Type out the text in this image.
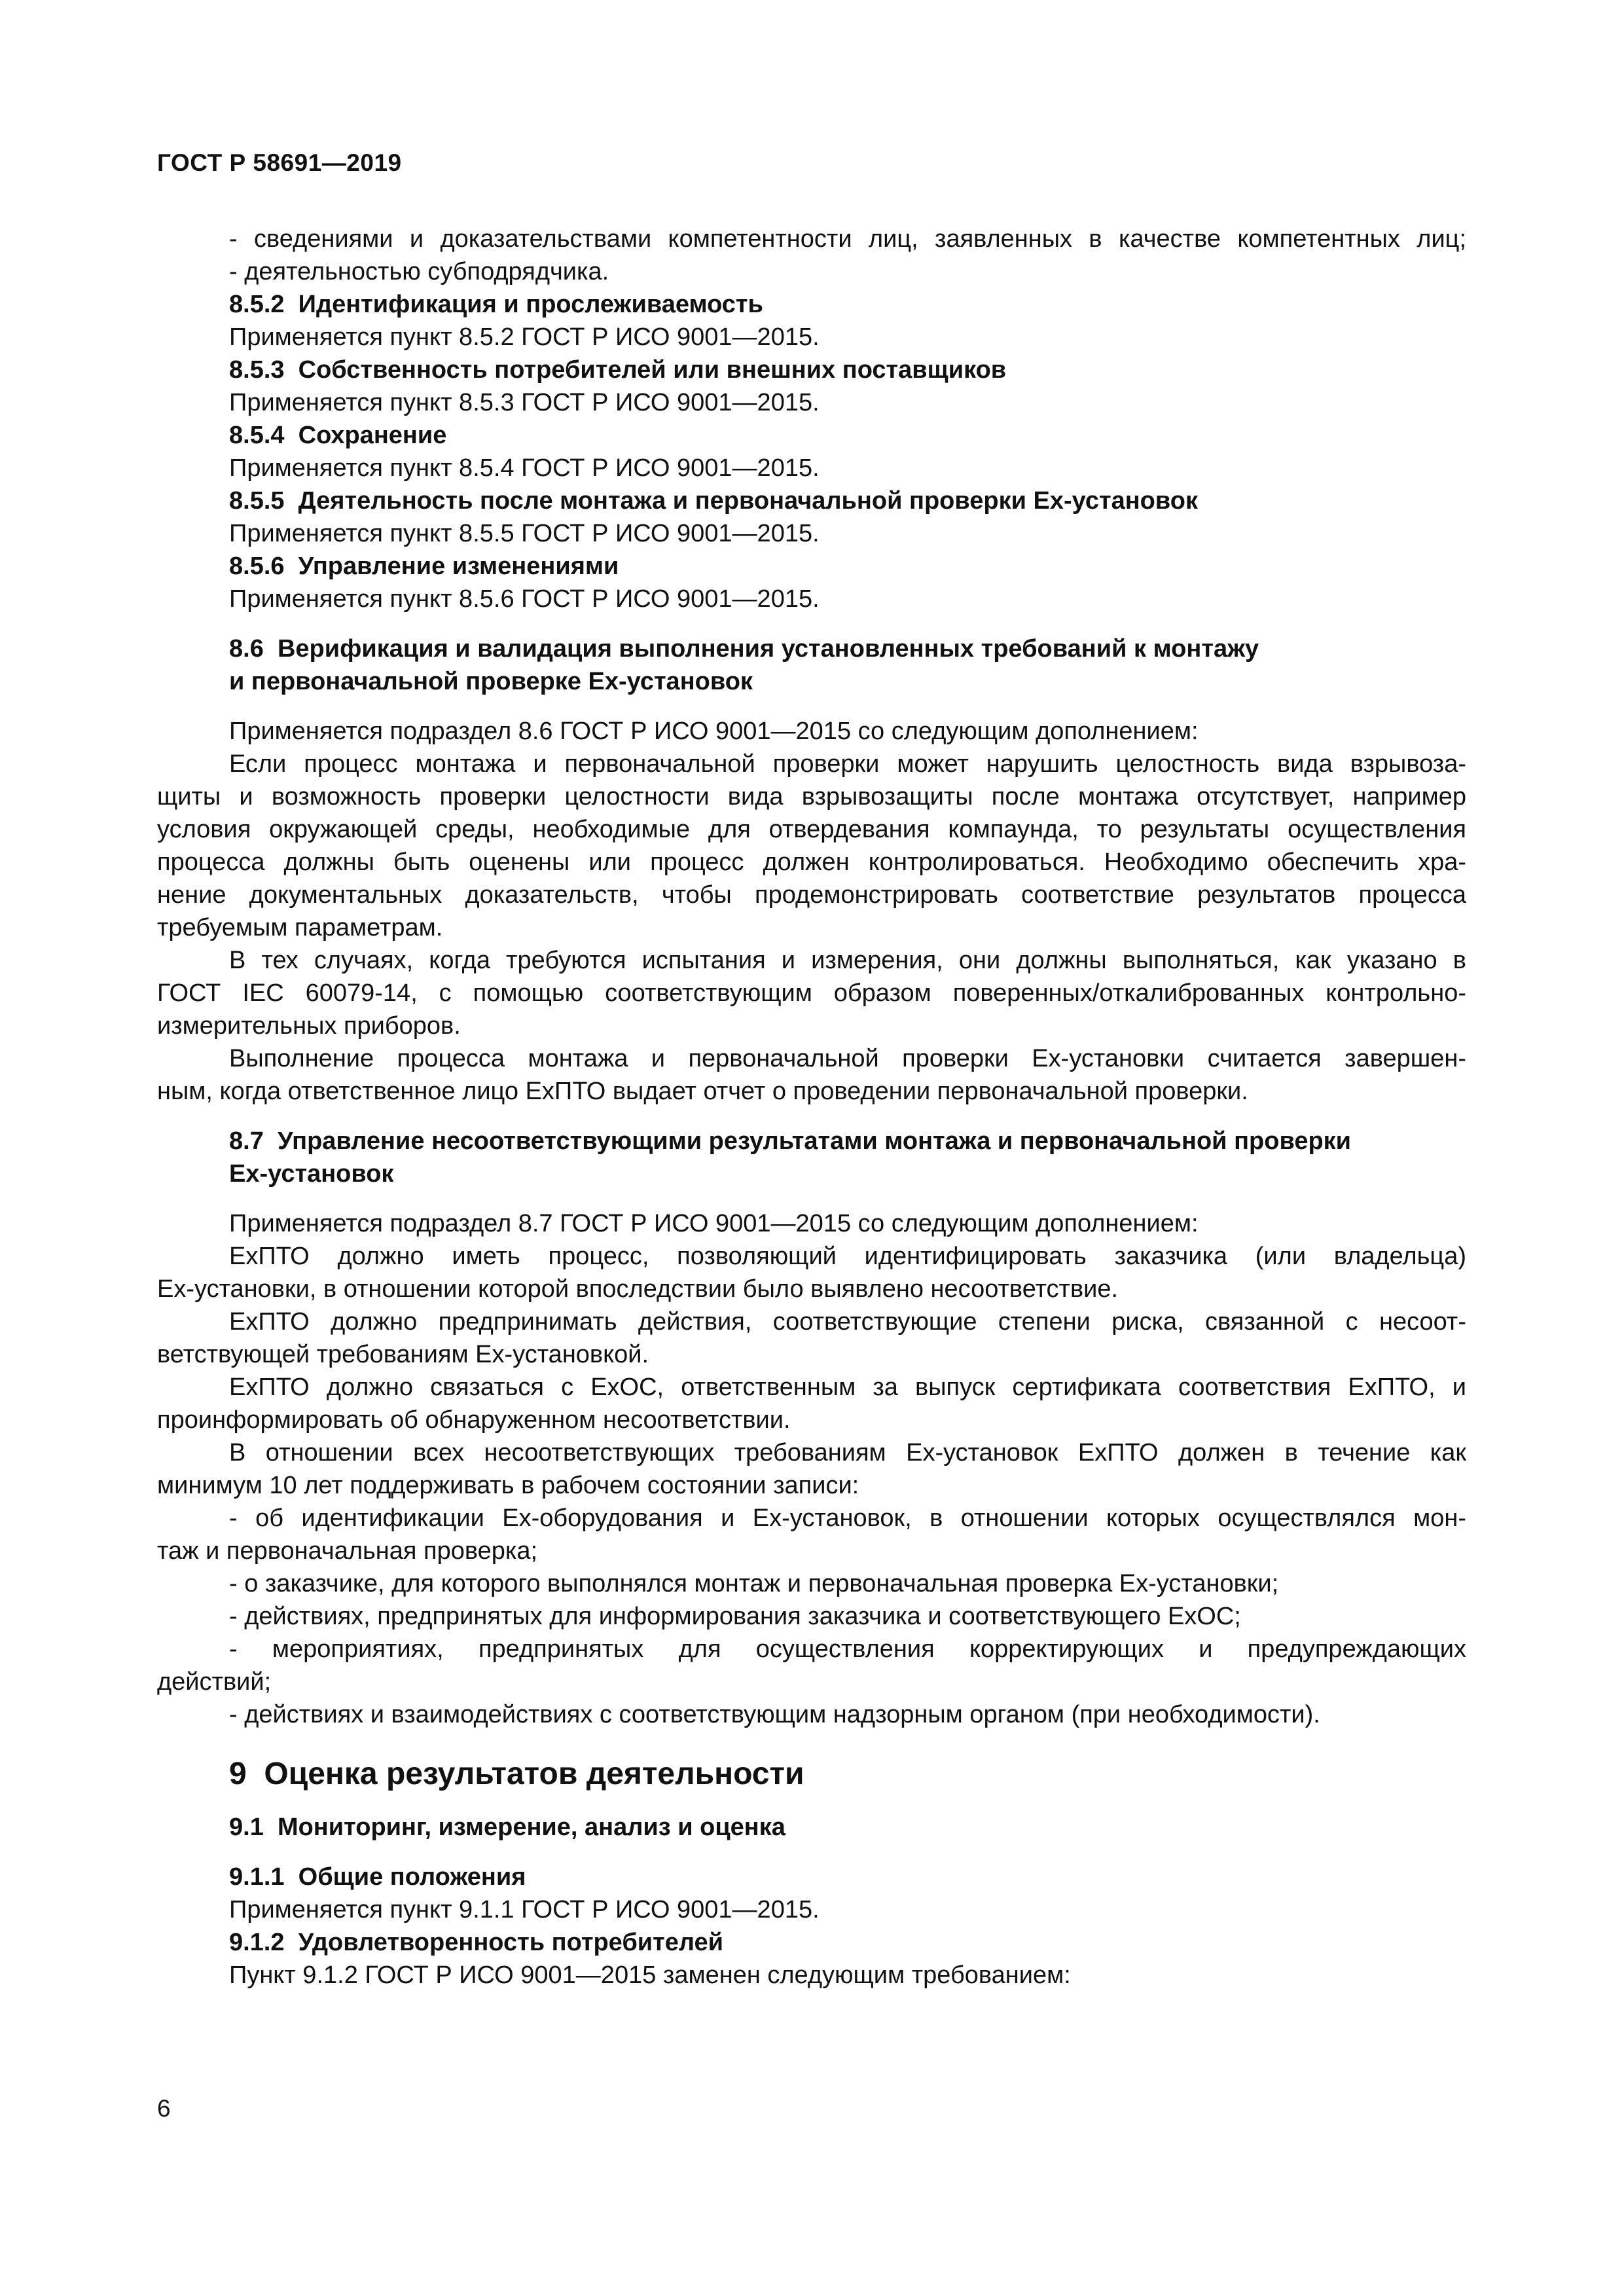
ГОСТ Р 58691—2019

- сведениями и доказательствами компетентности лиц, заявленных в качестве компетентных лиц;

- деятельностью субподрядчика.

8.5.2  Идентификация и прослеживаемость

Применяется пункт 8.5.2 ГОСТ Р ИСО 9001—2015.

8.5.3  Собственность потребителей или внешних поставщиков

Применяется пункт 8.5.3 ГОСТ Р ИСО 9001—2015.

8.5.4  Сохранение

Применяется пункт 8.5.4 ГОСТ Р ИСО 9001—2015.

8.5.5  Деятельность после монтажа и первоначальной проверки Ex-установок

Применяется пункт 8.5.5 ГОСТ Р ИСО 9001—2015.

8.5.6  Управление изменениями

Применяется пункт 8.5.6 ГОСТ Р ИСО 9001—2015.

8.6  Верификация и валидация выполнения установленных требований к монтажу

и первоначальной проверке Ex-установок

Применяется подраздел 8.6 ГОСТ Р ИСО 9001—2015 со следующим дополнением:

Если процесс монтажа и первоначальной проверки может нарушить целостность вида взрывоза-

щиты и возможность проверки целостности вида взрывозащиты после монтажа отсутствует, например

условия окружающей среды, необходимые для отвердевания компаунда, то результаты осуществления

процесса должны быть оценены или процесс должен контролироваться. Необходимо обеспечить хра-

нение документальных доказательств, чтобы продемонстрировать соответствие результатов процесса

требуемым параметрам.

В тех случаях, когда требуются испытания и измерения, они должны выполняться, как указано в

ГОСТ IEC 60079-14, с помощью соответствующим образом поверенных/откалиброванных контрольно-

измерительных приборов.

Выполнение процесса монтажа и первоначальной проверки Ex-установки считается завершен-

ным, когда ответственное лицо ExПТО выдает отчет о проведении первоначальной проверки.

8.7  Управление несоответствующими результатами монтажа и первоначальной проверки

Ex-установок

Применяется подраздел 8.7 ГОСТ Р ИСО 9001—2015 со следующим дополнением:

ExПТО должно иметь процесс, позволяющий идентифицировать заказчика (или владельца)

Ex-установки, в отношении которой впоследствии было выявлено несоответствие.

ExПТО должно предпринимать действия, соответствующие степени риска, связанной с несоот-

ветствующей требованиям Ex-установкой.

ExПТО должно связаться с ExОС, ответственным за выпуск сертификата соответствия ExПТО, и

проинформировать об обнаруженном несоответствии.

В отношении всех несоответствующих требованиям Ex-установок ExПТО должен в течение как

минимум 10 лет поддерживать в рабочем состоянии записи:

- об идентификации Ex-оборудования и Ex-установок, в отношении которых осуществлялся мон-

таж и первоначальная проверка;

- о заказчике, для которого выполнялся монтаж и первоначальная проверка Ex-установки;

- действиях, предпринятых для информирования заказчика и соответствующего ExОС;

- мероприятиях, предпринятых для осуществления корректирующих и предупреждающих

действий;

- действиях и взаимодействиях с соответствующим надзорным органом (при необходимости).

9  Оценка результатов деятельности

9.1  Мониторинг, измерение, анализ и оценка

9.1.1  Общие положения

Применяется пункт 9.1.1 ГОСТ Р ИСО 9001—2015.

9.1.2  Удовлетворенность потребителей

Пункт 9.1.2 ГОСТ Р ИСО 9001—2015 заменен следующим требованием:

6
